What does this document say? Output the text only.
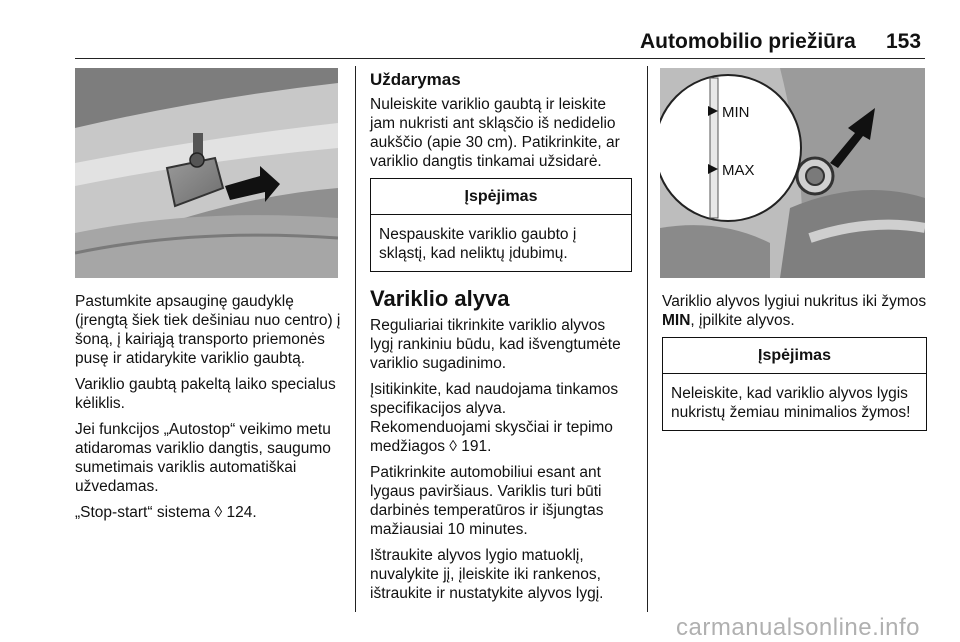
Automobilio priežiūra 153

Pastumkite apsauginę gaudyklę (įrengtą šiek tiek dešiniau nuo centro) į šoną, į kairiąją transporto priemonės pusę ir atidarykite variklio gaubtą.

Variklio gaubtą pakeltą laiko specialus kėliklis.

Jei funkcijos „Autostop“ veikimo metu atidaromas variklio dangtis, saugumo sumetimais variklis automatiškai užvedamas.

„Stop-start“ sistema ◊ 124.

Uždarymas

Nuleiskite variklio gaubtą ir leiskite jam nukristi ant skląsčio iš nedidelio aukščio (apie 30 cm). Patikrinkite, ar variklio dangtis tinkamai užsidarė.

Įspėjimas
Nespauskite variklio gaubto į skląstį, kad neliktų įdubimų.
Variklio alyva

Reguliariai tikrinkite variklio alyvos lygį rankiniu būdu, kad išvengtumėte variklio sugadinimo.

Įsitikinkite, kad naudojama tinkamos specifikacijos alyva.

Rekomenduojami skysčiai ir tepimo medžiagos ◊ 191.

Patikrinkite automobiliui esant ant lygaus paviršiaus. Variklis turi būti darbinės temperatūros ir išjungtas mažiausiai 10 minutes.

Ištraukite alyvos lygio matuoklį, nuvalykite jį, įleiskite iki rankenos, ištraukite ir nustatykite alyvos lygį.

MIN
MAX

Variklio alyvos lygiui nukritus iki žymos MIN, įpilkite alyvos.

Įspėjimas
Neleiskite, kad variklio alyvos lygis nukristų žemiau minimalios žymos!
carmanualsonline.info
